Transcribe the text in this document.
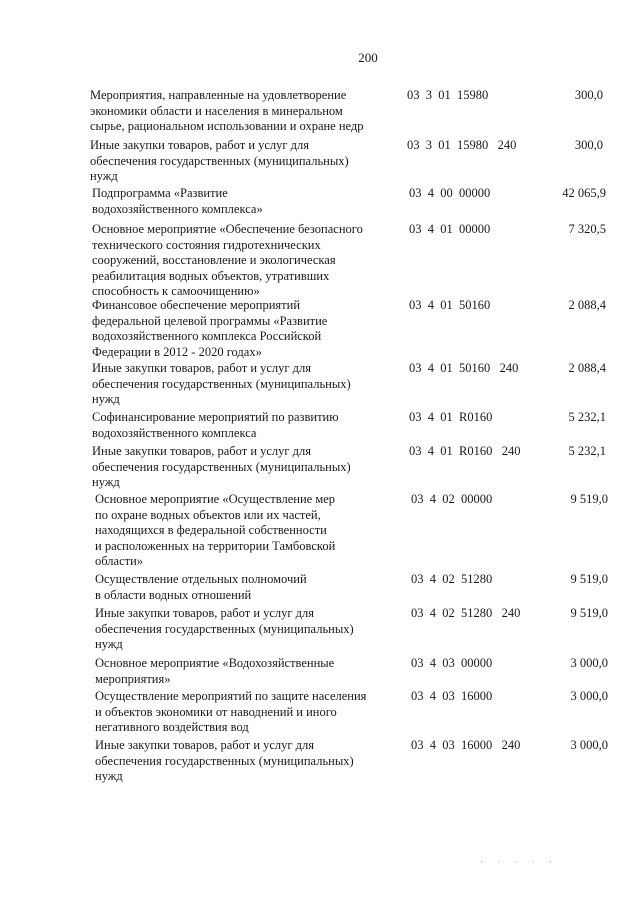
200
Мероприятия, направленные на удовлетворение
экономики области и населения в минеральном
сырье, рациональном использовании и охране недр
03  3  01  15980	300,0
Иные закупки товаров, работ и услуг для
обеспечения государственных (муниципальных)
нужд
03  3  01  15980   240	300,0
Подпрограмма «Развитие
водохозяйственного комплекса»
03  4  00  00000	42 065,9
Основное мероприятие «Обеспечение безопасного
технического состояния гидротехнических
сооружений, восстановление и экологическая
реабилитация водных объектов, утративших
способность к самоочищению»
03  4  01  00000	7 320,5
Финансовое обеспечение мероприятий
федеральной целевой программы «Развитие
водохозяйственного комплекса Российской
Федерации в 2012 - 2020 годах»
03  4  01  50160	2 088,4
Иные закупки товаров, работ и услуг для
обеспечения государственных (муниципальных)
нужд
03  4  01  50160   240	2 088,4
Софинансирование мероприятий по развитию
водохозяйственного комплекса
03  4  01  R0160	5 232,1
Иные закупки товаров, работ и услуг для
обеспечения государственных (муниципальных)
нужд
03  4  01  R0160   240	5 232,1
Основное мероприятие «Осуществление мер
по охране водных объектов или их частей,
находящихся в федеральной собственности
и расположенных на территории Тамбовской
области»
03  4  02  00000	9 519,0
Осуществление отдельных полномочий
в области водных отношений
03  4  02  51280	9 519,0
Иные закупки товаров, работ и услуг для
обеспечения государственных (муниципальных)
нужд
03  4  02  51280   240	9 519,0
Основное мероприятие «Водохозяйственные
мероприятия»
03  4  03  00000	3 000,0
Осуществление мероприятий по защите населения
и объектов экономики от наводнений и иного
негативного воздействия вод
03  4  03  16000	3 000,0
Иные закупки товаров, работ и услуг для
обеспечения государственных (муниципальных)
нужд
03  4  03  16000   240	3 000,0
· · · · ·
